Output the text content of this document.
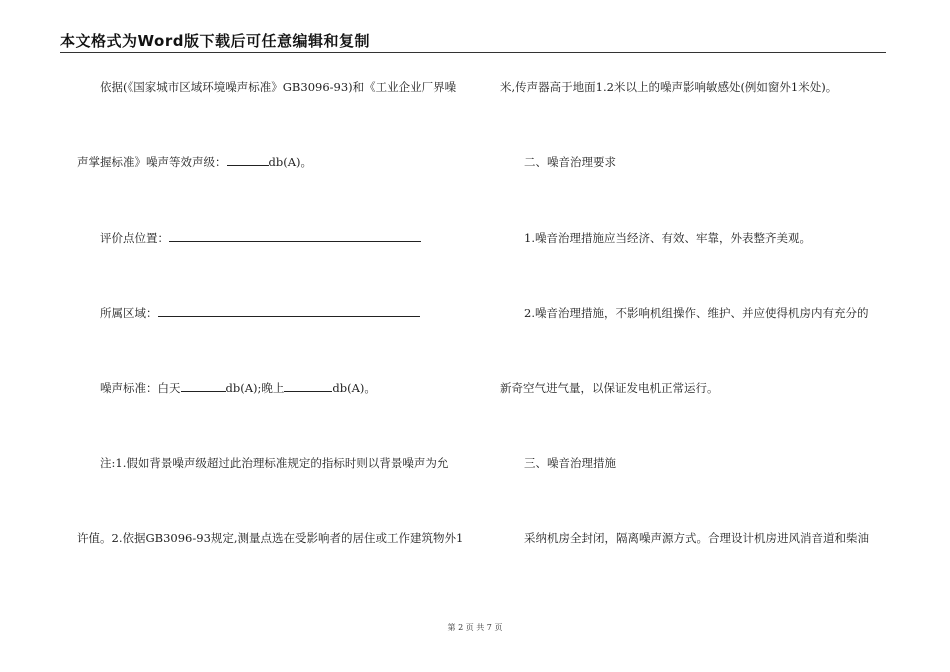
本文格式为Word版下载后可任意编辑和复制
依据(《国家城市区域环境噪声标准》GB3096-93)和《工业企业厂界噪
声掌握标准》噪声等效声级：	db(A)。
评价点位置：
所属区域：
噪声标准：白天	db(A);晚上	db(A)。
注:1.假如背景噪声级超过此治理标准规定的指标时则以背景噪声为允
许值。2.依据GB3096-93规定,测量点选在受影响者的居住或工作建筑物外1
米,传声器高于地面1.2米以上的噪声影响敏感处(例如窗外1米处)。
二、噪音治理要求
1.噪音治理措施应当经济、有效、牢靠，外表整齐美观。
2.噪音治理措施，不影响机组操作、维护、并应使得机房内有充分的
新奇空气进气量，以保证发电机正常运行。
三、噪音治理措施
采纳机房全封闭，隔离噪声源方式。合理设计机房进风消音道和柴油
第 2 页 共 7 页
